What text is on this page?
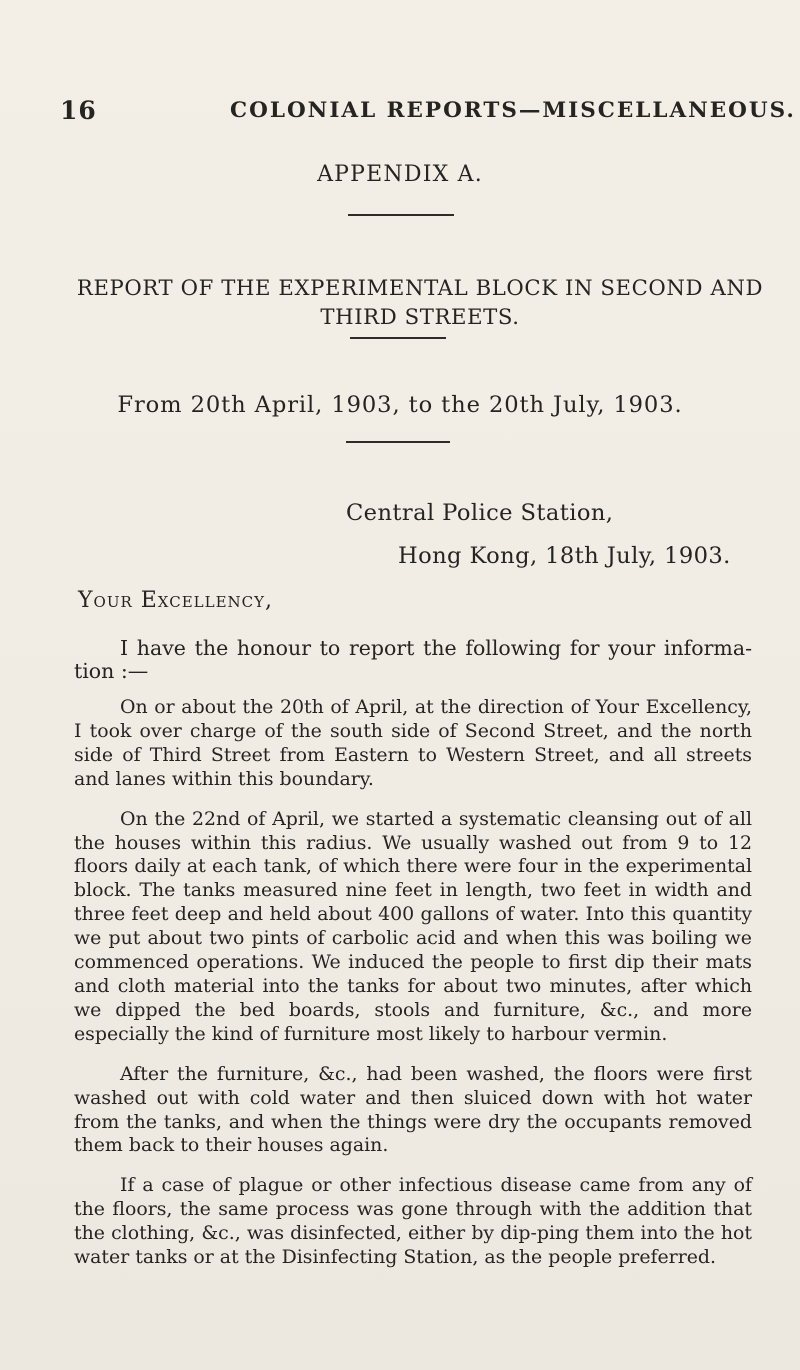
16	COLONIAL REPORTS—MISCELLANEOUS.
APPENDIX A.
REPORT OF THE EXPERIMENTAL BLOCK IN SECOND AND THIRD STREETS.
From 20th April, 1903, to the 20th July, 1903.
Central Police Station,
Hong Kong, 18th July, 1903.
Your Excellency,

I have the honour to report the following for your informa-tion :—

On or about the 20th of April, at the direction of Your Excellency, I took over charge of the south side of Second Street, and the north side of Third Street from Eastern to Western Street, and all streets and lanes within this boundary.

On the 22nd of April, we started a systematic cleansing out of all the houses within this radius. We usually washed out from 9 to 12 floors daily at each tank, of which there were four in the experimental block. The tanks measured nine feet in length, two feet in width and three feet deep and held about 400 gallons of water. Into this quantity we put about two pints of carbolic acid and when this was boiling we commenced operations. We induced the people to first dip their mats and cloth material into the tanks for about two minutes, after which we dipped the bed boards, stools and furniture, &c., and more especially the kind of furniture most likely to harbour vermin.

After the furniture, &c., had been washed, the floors were first washed out with cold water and then sluiced down with hot water from the tanks, and when the things were dry the occupants removed them back to their houses again.

If a case of plague or other infectious disease came from any of the floors, the same process was gone through with the addition that the clothing, &c., was disinfected, either by dip-ping them into the hot water tanks or at the Disinfecting Station, as the people preferred.
